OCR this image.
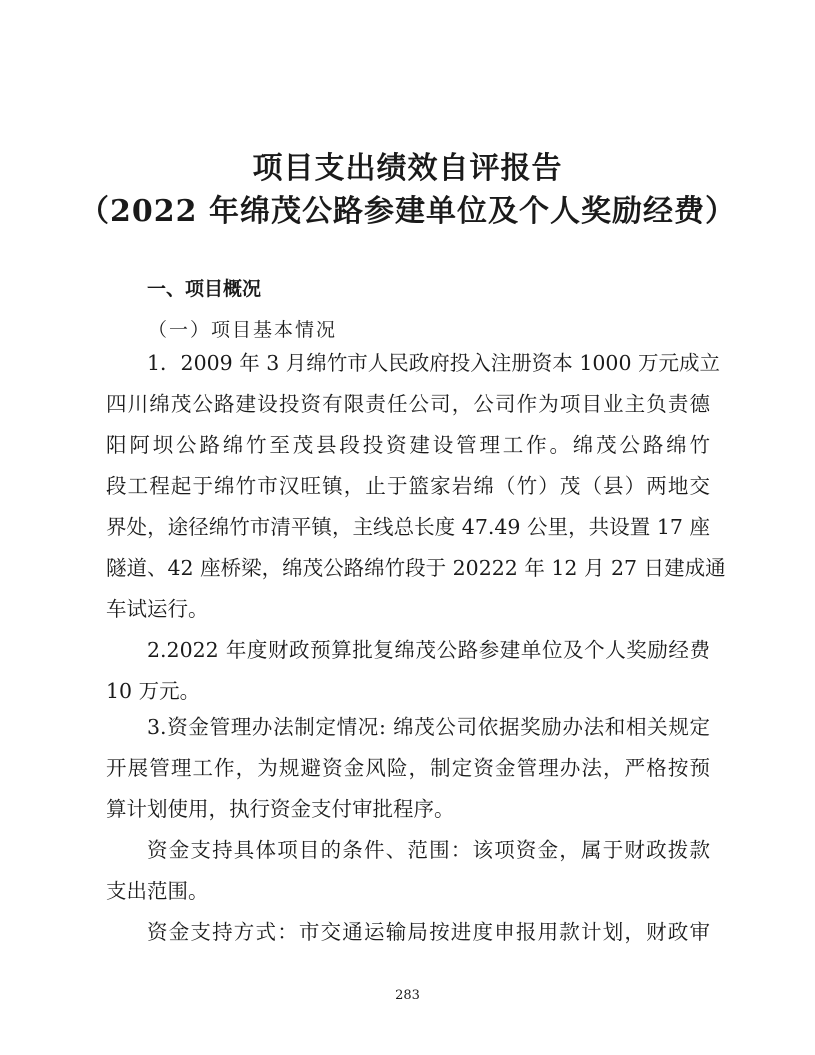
项目支出绩效自评报告
（2022 年绵茂公路参建单位及个人奖励经费）
一、项目概况
（一）项目基本情况
1．2009 年 3 月绵竹市人民政府投入注册资本 1000 万元成立
四川绵茂公路建设投资有限责任公司，公司作为项目业主负责德
阳阿坝公路绵竹至茂县段投资建设管理工作。绵茂公路绵竹
段工程起于绵竹市汉旺镇，止于篮家岩绵（竹）茂（县）两地交
界处，途径绵竹市清平镇，主线总长度 47.49 公里，共设置 17 座
隧道、42 座桥梁，绵茂公路绵竹段于 20222 年 12 月 27 日建成通
车试运行。
2.2022 年度财政预算批复绵茂公路参建单位及个人奖励经费
10 万元。
3.资金管理办法制定情况: 绵茂公司依据奖励办法和相关规定
开展管理工作，为规避资金风险，制定资金管理办法，严格按预
算计划使用，执行资金支付审批程序。
资金支持具体项目的条件、范围：该项资金，属于财政拨款
支出范围。
资金支持方式：市交通运输局按进度申报用款计划，财政审
283
